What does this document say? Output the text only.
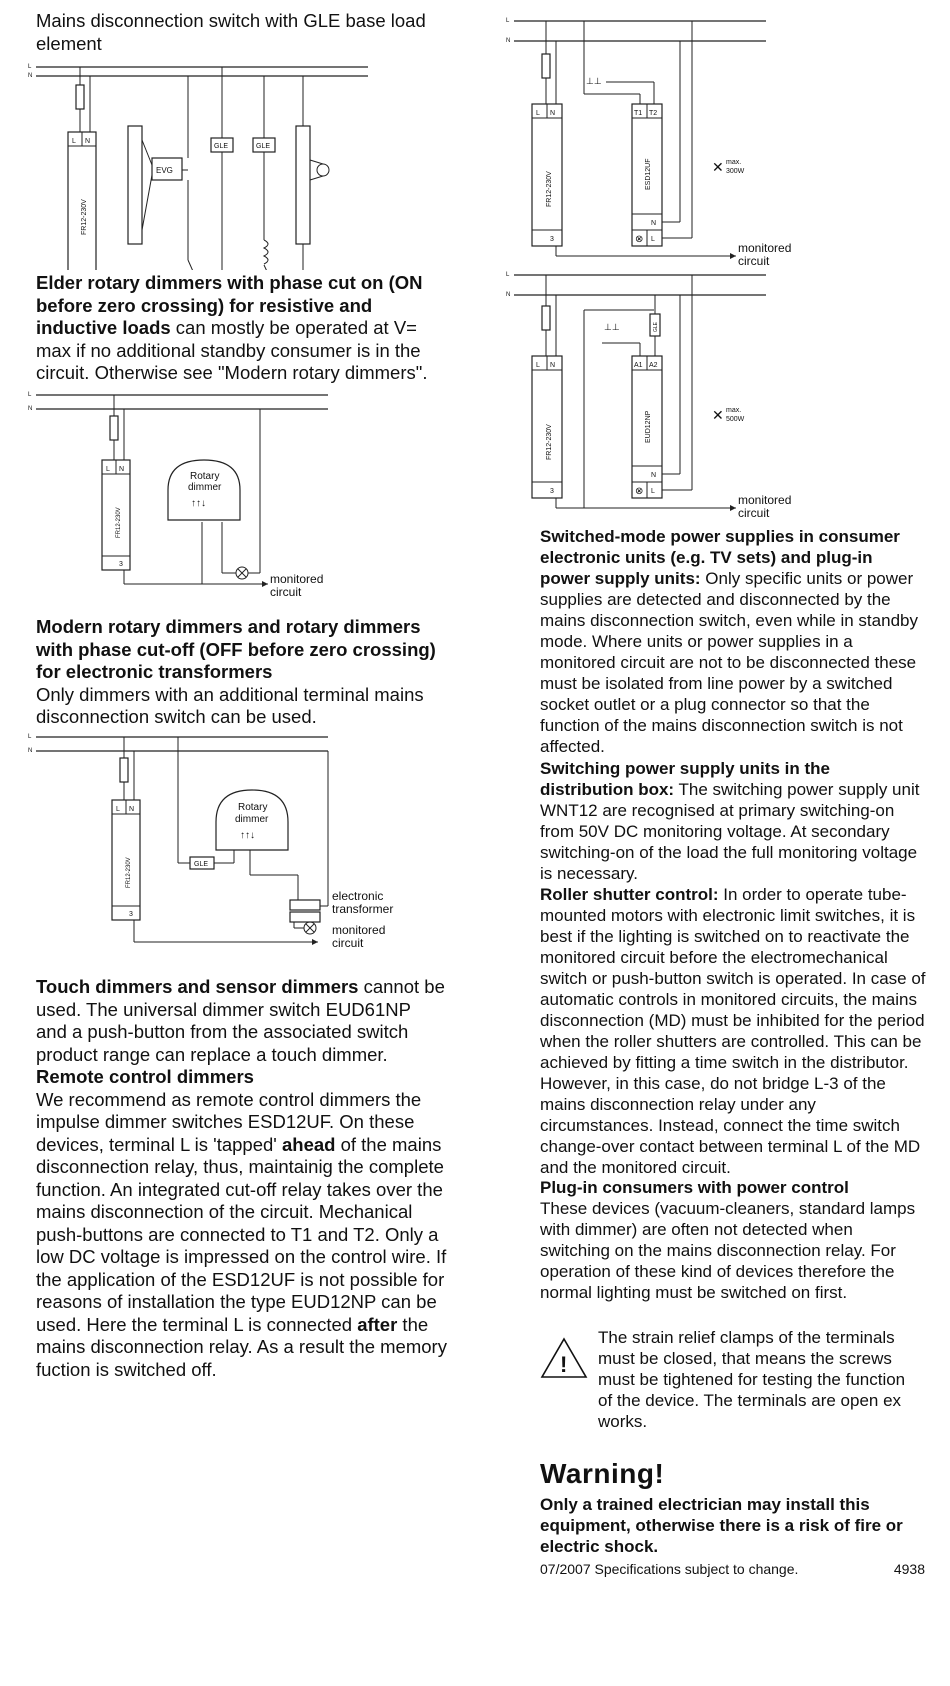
Mains disconnection switch with GLE base load element

L
N
L N
FR12-230V
EVG
GLE	GLE

Elder rotary dimmers with phase cut on (ON before zero crossing) for resistive and inductive loads can mostly be operated at V= max if no additional standby consumer is in the circuit. Otherwise see "Modern rotary dimmers".

L
N
L N
3
FR12-230V
Rotary
dimmer
↑↑↓
monitored
circuit

Modern rotary dimmers and rotary dimmers with phase cut-off (OFF before zero crossing) for electronic transformers
Only dimmers with an additional terminal mains disconnection switch can be used.

L
N
L N
3
FR12-230V	GLE
Rotary
dimmer
↑↑↓
electronic
transformer
monitored
circuit

Touch dimmers and sensor dimmers cannot be used. The universal dimmer switch EUD61NP and a push-button from the associated switch product range can replace a touch dimmer.

Remote control dimmers
We recommend as remote control dimmers the impulse dimmer switches ESD12UF. On these devices, terminal L is 'tapped' ahead of the mains disconnection relay, thus, maintainig the complete function. An integrated cut-off relay takes over the mains disconnection of the circuit. Mechanical push-buttons are connected to T1 and T2. Only a low DC voltage is impressed on the control wire. If the application of the ESD12UF is not possible for reasons of installation the type EUD12NP can be used. Here the terminal L is connected after the mains disconnection relay. As a result the memory fuction is switched off.

L
N
L N
3
FR12-230V
⊥⊥
T1 T2
N
L
⊗
ESD12UF	✕ max.
300W
monitored
circuit
L
N
L N
3
FR12-230V
⊥⊥	GLE
A1 A2
N
L
⊗
EUD12NP	✕ max.
500W
monitored
circuit

Switched-mode power supplies in consumer electronic units (e.g. TV sets) and plug-in power supply units: Only specific units or power supplies are detected and disconnected by the mains disconnection switch, even while in standby mode. Where units or power supplies in a monitored circuit are not to be disconnected these must be isolated from line power by a switched socket outlet or a plug connector so that the function of the mains disconnection switch is not affected.

Switching power supply units in the distribution box: The switching power supply unit WNT12 are recognised at primary switching-on from 50V DC monitoring voltage. At secondary switching-on of the load the full monitoring voltage is necessary.

Roller shutter control: In order to operate tube-mounted motors with electronic limit switches, it is best if the lighting is switched on to reactivate the monitored circuit before the electromechanical switch or push-button switch is operated. In case of automatic controls in monitored circuits, the mains disconnection (MD) must be inhibited for the period when the roller shutters are controlled. This can be achieved by fitting a time switch in the distributor. However, in this case, do not bridge L-3 of the mains disconnection relay under any circumstances. Instead, connect the time switch change-over contact between terminal L of the MD and the monitored circuit.

Plug-in consumers with power control
These devices (vacuum-cleaners, standard lamps with dimmer) are often not detected when switching on the mains disconnection relay. For operation of these kind of devices therefore the normal lighting must be switched on first.

!

The strain relief clamps of the terminals must be closed, that means the screws must be tightened for testing the function of the device. The terminals are open ex works.

Warning!

Only a trained electrician may install this equipment, otherwise there is a risk of fire or electric shock.

07/2007 Specifications subject to change.	4938
